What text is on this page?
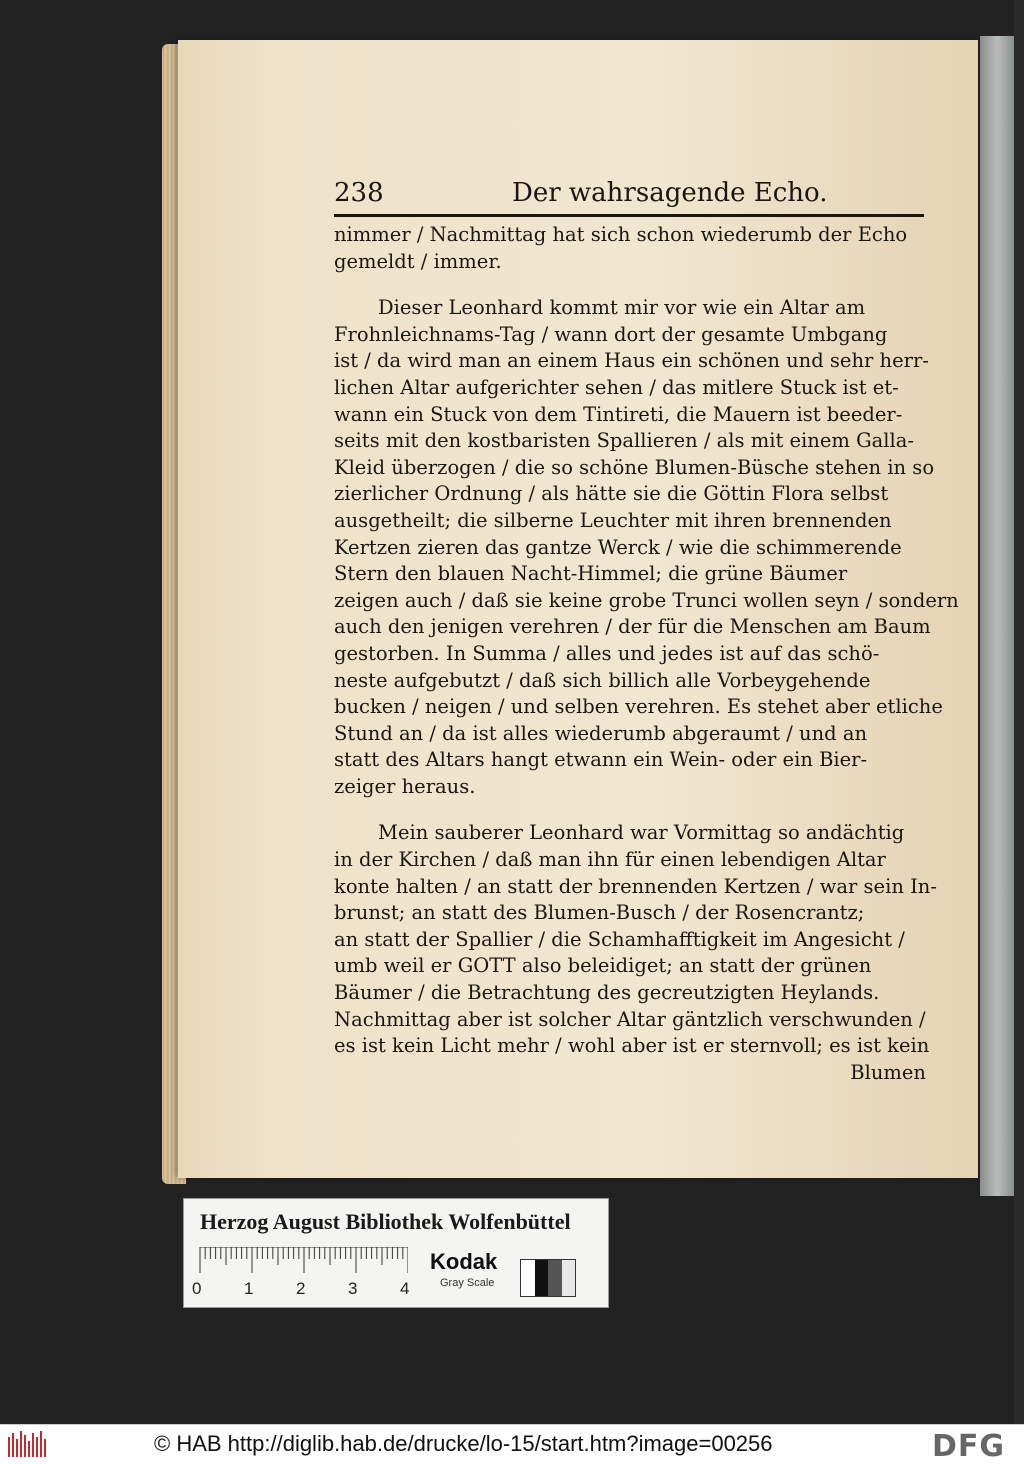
238	Der wahrsagende Echo.
nimmer / Nachmittag hat sich schon wiederumb der Echo
gemeldt / immer.
Dieser Leonhard kommt mir vor wie ein Altar am
Frohnleichnams-Tag / wann dort der gesamte Umbgang
ist / da wird man an einem Haus ein schönen und sehr herr-
lichen Altar aufgerichter sehen / das mitlere Stuck ist et-
wann ein Stuck von dem Tintireti, die Mauern ist beeder-
seits mit den kostbaristen Spallieren / als mit einem Galla-
Kleid überzogen / die so schöne Blumen-Büsche stehen in so
zierlicher Ordnung / als hätte sie die Göttin Flora selbst
ausgetheilt; die silberne Leuchter mit ihren brennenden
Kertzen zieren das gantze Werck / wie die schimmerende
Stern den blauen Nacht-Himmel; die grüne Bäumer
zeigen auch / daß sie keine grobe Trunci wollen seyn / sondern
auch den jenigen verehren / der für die Menschen am Baum
gestorben. In Summa / alles und jedes ist auf das schö-
neste aufgebutzt / daß sich billich alle Vorbeygehende
bucken / neigen / und selben verehren. Es stehet aber etliche
Stund an / da ist alles wiederumb abgeraumt / und an
statt des Altars hangt etwann ein Wein- oder ein Bier-
zeiger heraus.
Mein sauberer Leonhard war Vormittag so andächtig
in der Kirchen / daß man ihn für einen lebendigen Altar
konte halten / an statt der brennenden Kertzen / war sein In-
brunst; an statt des Blumen-Busch / der Rosencrantz;
an statt der Spallier / die Schamhafftigkeit im Angesicht /
umb weil er GOTT also beleidiget; an statt der grünen
Bäumer / die Betrachtung des gecreutzigten Heylands.
Nachmittag aber ist solcher Altar gäntzlich verschwunden /
es ist kein Licht mehr / wohl aber ist er sternvoll; es ist kein
Blumen
Herzog August Bibliothek Wolfenbüttel
0	1	2	3	4
Kodak
Gray Scale
© HAB http://diglib.hab.de/drucke/lo-15/start.htm?image=00256	DFG
